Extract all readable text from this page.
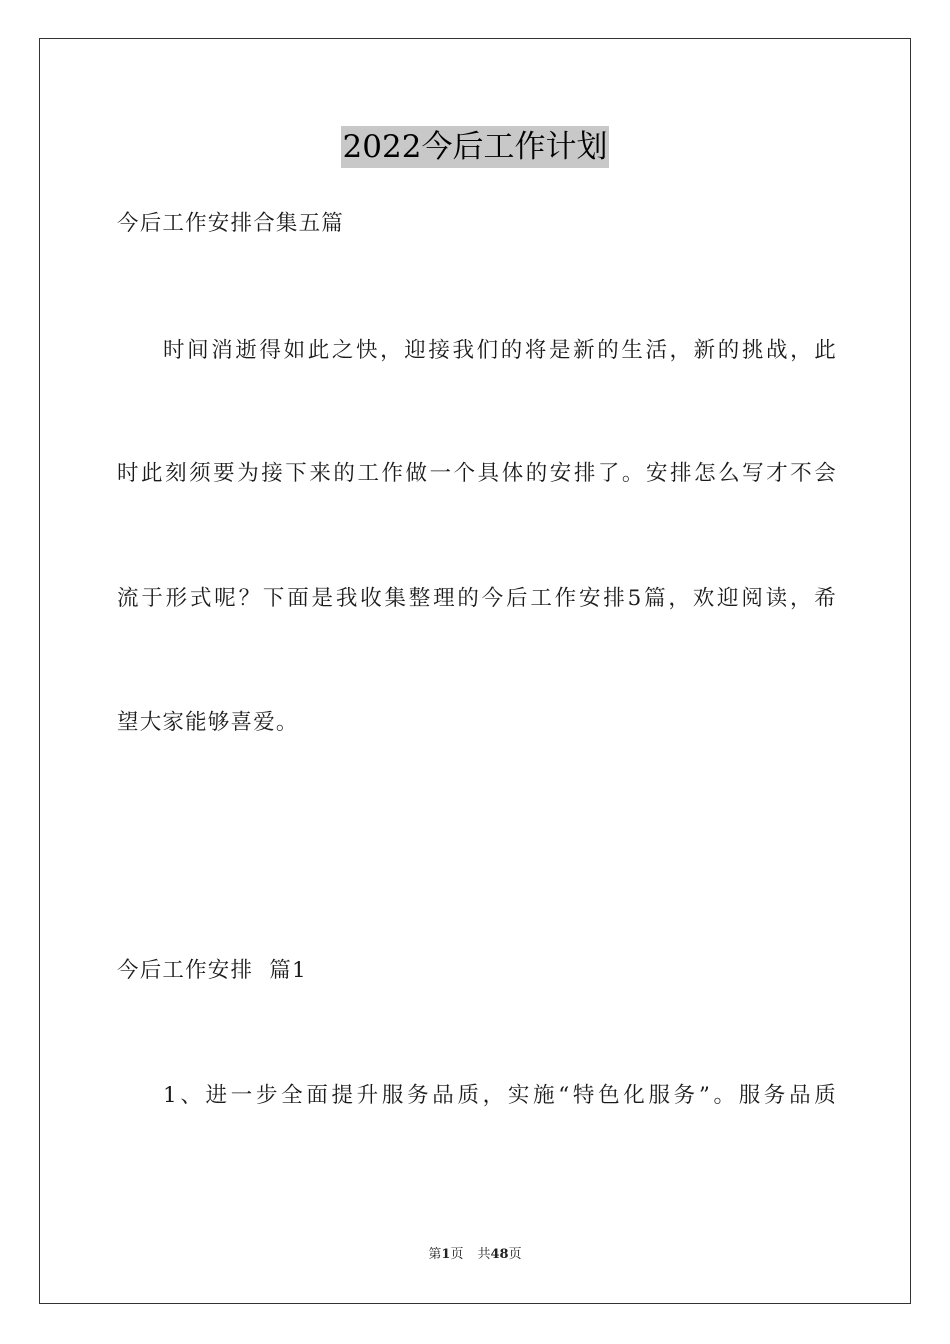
2022今后工作计划
今后工作安排合集五篇
时间消逝得如此之快，迎接我们的将是新的生活，新的挑战，此
时此刻须要为接下来的工作做一个具体的安排了。安排怎么写才不会
流于形式呢？下面是我收集整理的今后工作安排5篇，欢迎阅读，希
望大家能够喜爱。
今后工作安排  篇1
1、进一步全面提升服务品质，实施“特色化服务”。服务品质
第1页 共48页
